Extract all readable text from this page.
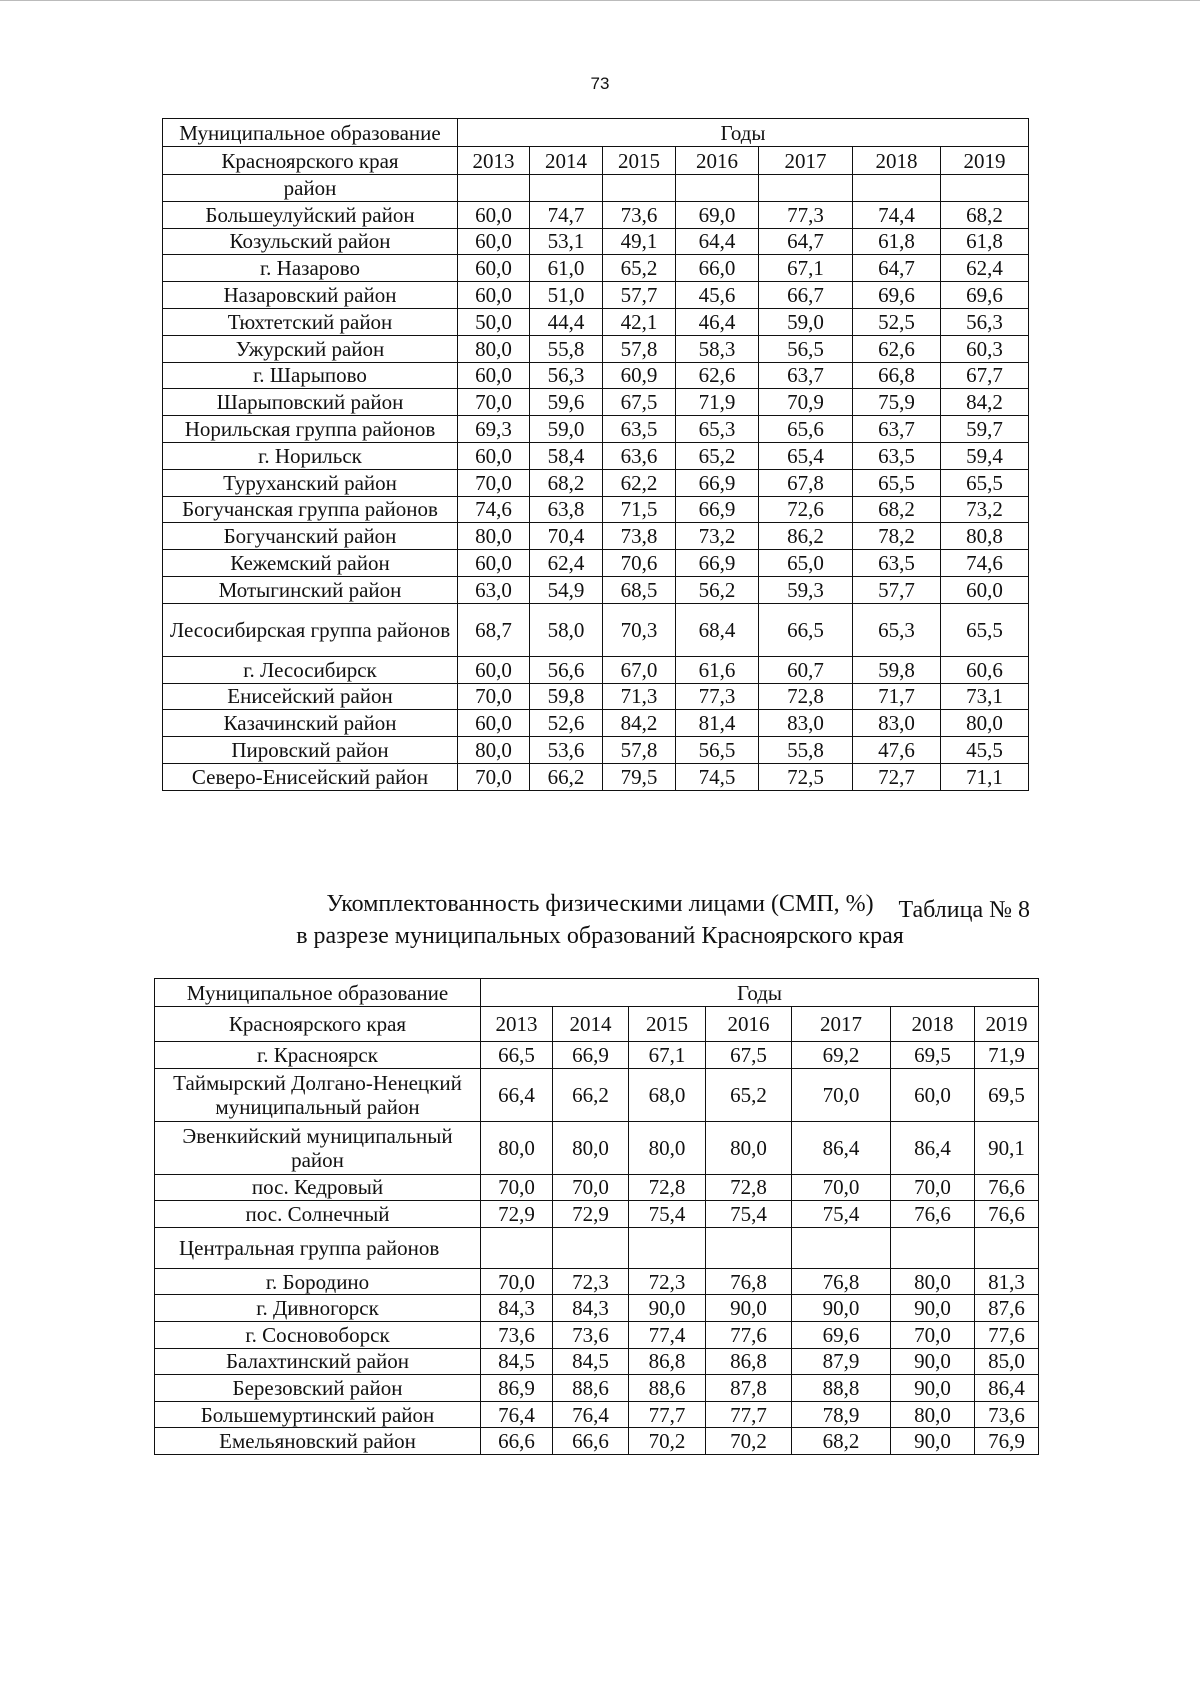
73
Муниципальное образование	Годы						
Красноярского края	2013	2014	2015	2016	2017	2018	2019
район							
Большеулуйский район	60,0	74,7	73,6	69,0	77,3	74,4	68,2
Козульский район	60,0	53,1	49,1	64,4	64,7	61,8	61,8
г. Назарово	60,0	61,0	65,2	66,0	67,1	64,7	62,4
Назаровский район	60,0	51,0	57,7	45,6	66,7	69,6	69,6
Тюхтетский район	50,0	44,4	42,1	46,4	59,0	52,5	56,3
Ужурский район	80,0	55,8	57,8	58,3	56,5	62,6	60,3
г. Шарыпово	60,0	56,3	60,9	62,6	63,7	66,8	67,7
Шарыповский район	70,0	59,6	67,5	71,9	70,9	75,9	84,2
Норильская группа районов	69,3	59,0	63,5	65,3	65,6	63,7	59,7
г. Норильск	60,0	58,4	63,6	65,2	65,4	63,5	59,4
Туруханский район	70,0	68,2	62,2	66,9	67,8	65,5	65,5
Богучанская группа районов	74,6	63,8	71,5	66,9	72,6	68,2	73,2
Богучанский район	80,0	70,4	73,8	73,2	86,2	78,2	80,8
Кежемский район	60,0	62,4	70,6	66,9	65,0	63,5	74,6
Мотыгинский район	63,0	54,9	68,5	56,2	59,3	57,7	60,0
Лесосибирская группа районов	68,7	58,0	70,3	68,4	66,5	65,3	65,5
г. Лесосибирск	60,0	56,6	67,0	61,6	60,7	59,8	60,6
Енисейский район	70,0	59,8	71,3	77,3	72,8	71,7	73,1
Казачинский район	60,0	52,6	84,2	81,4	83,0	83,0	80,0
Пировский район	80,0	53,6	57,8	56,5	55,8	47,6	45,5
Северо-Енисейский район	70,0	66,2	79,5	74,5	72,5	72,7	71,1
Таблица № 8
Укомплектованность физическими лицами (СМП, %)
в разрезе муниципальных образований Красноярского края
Муниципальное образование	Годы						
Красноярского края	2013	2014	2015	2016	2017	2018	2019
г. Красноярск	66,5	66,9	67,1	67,5	69,2	69,5	71,9
Таймырский Долгано-Ненецкий муниципальный район	66,4	66,2	68,0	65,2	70,0	60,0	69,5
Эвенкийский муниципальный район	80,0	80,0	80,0	80,0	86,4	86,4	90,1
пос. Кедровый	70,0	70,0	72,8	72,8	70,0	70,0	76,6
пос. Солнечный	72,9	72,9	75,4	75,4	75,4	76,6	76,6
Центральная группа районов							
г. Бородино	70,0	72,3	72,3	76,8	76,8	80,0	81,3
г. Дивногорск	84,3	84,3	90,0	90,0	90,0	90,0	87,6
г. Сосновоборск	73,6	73,6	77,4	77,6	69,6	70,0	77,6
Балахтинский район	84,5	84,5	86,8	86,8	87,9	90,0	85,0
Березовский район	86,9	88,6	88,6	87,8	88,8	90,0	86,4
Большемуртинский район	76,4	76,4	77,7	77,7	78,9	80,0	73,6
Емельяновский район	66,6	66,6	70,2	70,2	68,2	90,0	76,9
